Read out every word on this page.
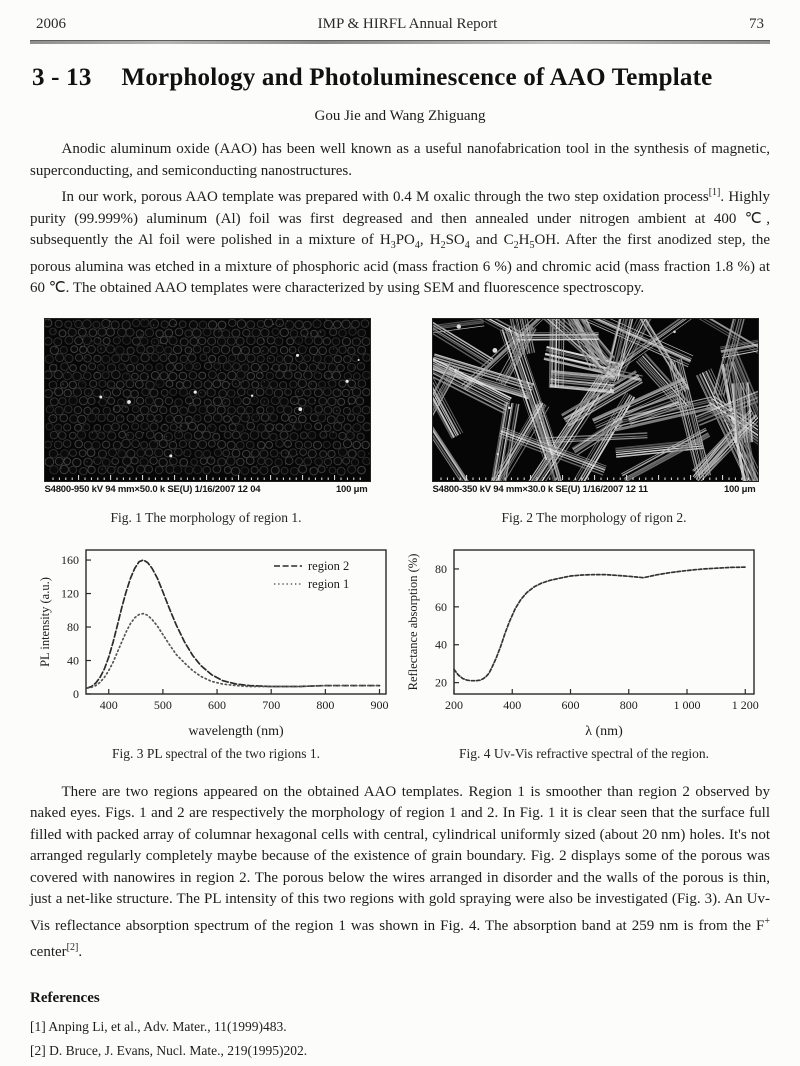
2006	IMP & HIRFL Annual Report	73
3 - 13 Morphology and Photoluminescence of AAO Template
Gou Jie and Wang Zhiguang

Anodic aluminum oxide (AAO) has been well known as a useful nanofabrication tool in the synthesis of magnetic, superconducting, and semiconducting nanostructures.

In our work, porous AAO template was prepared with 0.4 M oxalic through the two step oxidation process[1]. Highly purity (99.999%) aluminum (Al) foil was first degreased and then annealed under nitrogen ambient at 400 ℃, subsequently the Al foil were polished in a mixture of $H_3PO_4$, $H_2SO_4$ and $C_2H_5OH$. After the first anodized step, the porous alumina was etched in a mixture of phosphoric acid (mass fraction 6 %) and chromic acid (mass fraction 1.8 %) at 60 ℃. The obtained AAO templates were characterized by using SEM and fluorescence spectroscopy.

S4800-950 kV 94 mm×50.0 k SE(U) 1/16/2007 12 04	100 μm
Fig. 1 The morphology of region 1.
S4800-350 kV 94 mm×30.0 k SE(U) 1/16/2007 12 11	100 μm
Fig. 2 The morphology of rigon 2.
400	500	600	700	800	900
0
40
80
120
160
wavelength (nm)
PL intensity (a.u.)
region 2
region 1
Fig. 3 PL spectral of the two rigions 1.
200	400	600	800	1 000	1 200
20
40
60
80
λ (nm)
Reflectance absorption (%)
Fig. 4 Uv-Vis refractive spectral of the region.

There are two regions appeared on the obtained AAO templates. Region 1 is smoother than region 2 observed by naked eyes. Figs. 1 and 2 are respectively the morphology of region 1 and 2. In Fig. 1 it is clear seen that the surface full filled with packed array of columnar hexagonal cells with central, cylindrical uniformly sized (about 20 nm) holes. It's not arranged regularly completely maybe because of the existence of grain boundary. Fig. 2 displays some of the porous was covered with nanowires in region 2. The porous below the wires arranged in disorder and the walls of the porous is thin, just a net-like structure. The PL intensity of this two regions with gold spraying were also be investigated (Fig. 3). An Uv-Vis reflectance absorption spectrum of the region 1 was shown in Fig. 4. The absorption band at 259 nm is from the F+ center[2].

References
[1] Anping Li, et al., Adv. Mater., 11(1999)483.
[2] D. Bruce, J. Evans, Nucl. Mate., 219(1995)202.
